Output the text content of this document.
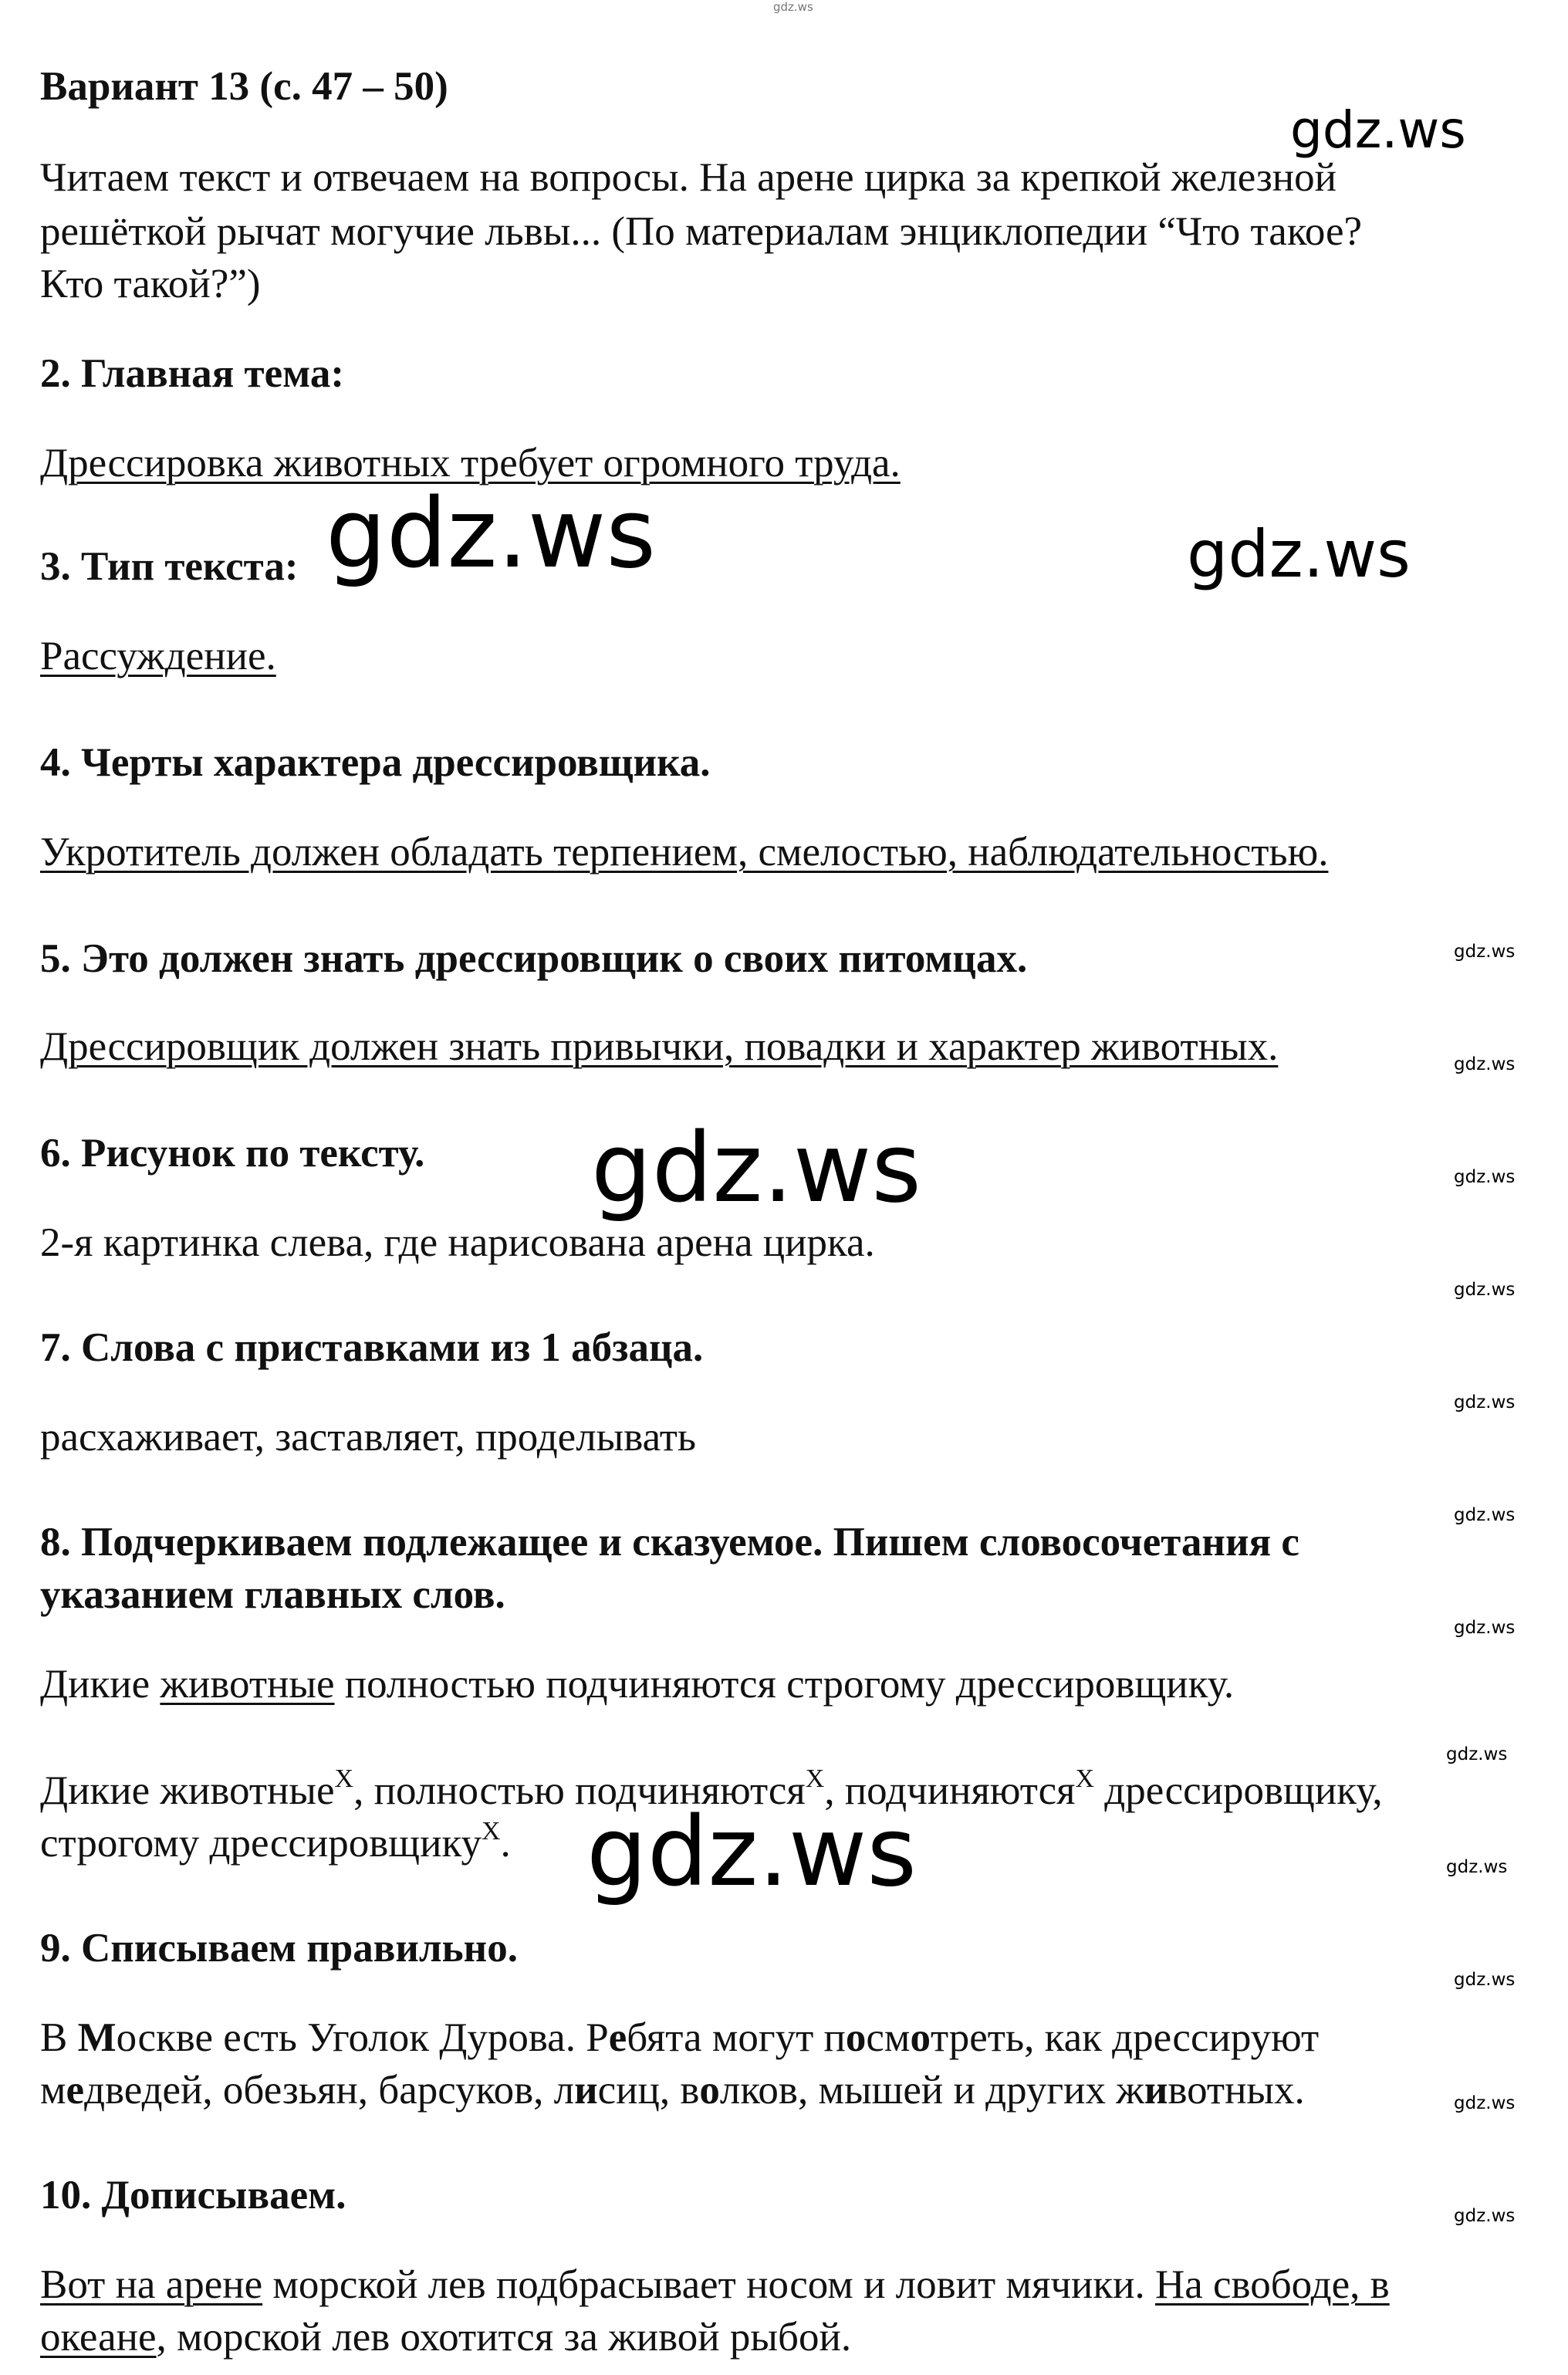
Вариант 13 (с. 47 – 50)
Читаем текст и отвечаем на вопросы. На арене цирка за крепкой железной
решёткой рычат могучие львы... (По материалам энциклопедии “Что такое?
Кто такой?”)
2. Главная тема:
Дрессировка животных требует огромного труда.
3. Тип текста:
Рассуждение.
4. Черты характера дрессировщика.
Укротитель должен обладать терпением, смелостью, наблюдательностью.
5. Это должен знать дрессировщик о своих питомцах.
Дрессировщик должен знать привычки, повадки и характер животных.
6. Рисунок по тексту.
2-я картинка слева, где нарисована арена цирка.
7. Слова с приставками из 1 абзаца.
расхаживает, заставляет, проделывать
8. Подчеркиваем подлежащее и сказуемое. Пишем словосочетания с
указанием главных слов.
Дикие животные полностью подчиняются строгому дрессировщику.
Дикие животные$^Х$, полностью подчиняются$^Х$, подчиняются$^Х$ дрессировщику,
строгому дрессировщику$^Х$.
9. Списываем правильно.
В Москве есть Уголок Дурова. Ребята могут посмотреть, как дрессируют
медведей, обезьян, барсуков, лисиц, волков, мышей и других животных.
10. Дописываем.
Вот на арене морской лев подбрасывает носом и ловит мячики. На свободе, в
океане, морской лев охотится за живой рыбой.
gdz.ws
gdz.ws
gdz.ws	gdz.ws
gdz.ws
gdz.ws
gdz.ws
gdz.ws
gdz.ws
gdz.ws
gdz.ws
gdz.ws
gdz.ws
gdz.ws
gdz.ws
gdz.ws
gdz.ws
gdz.ws
